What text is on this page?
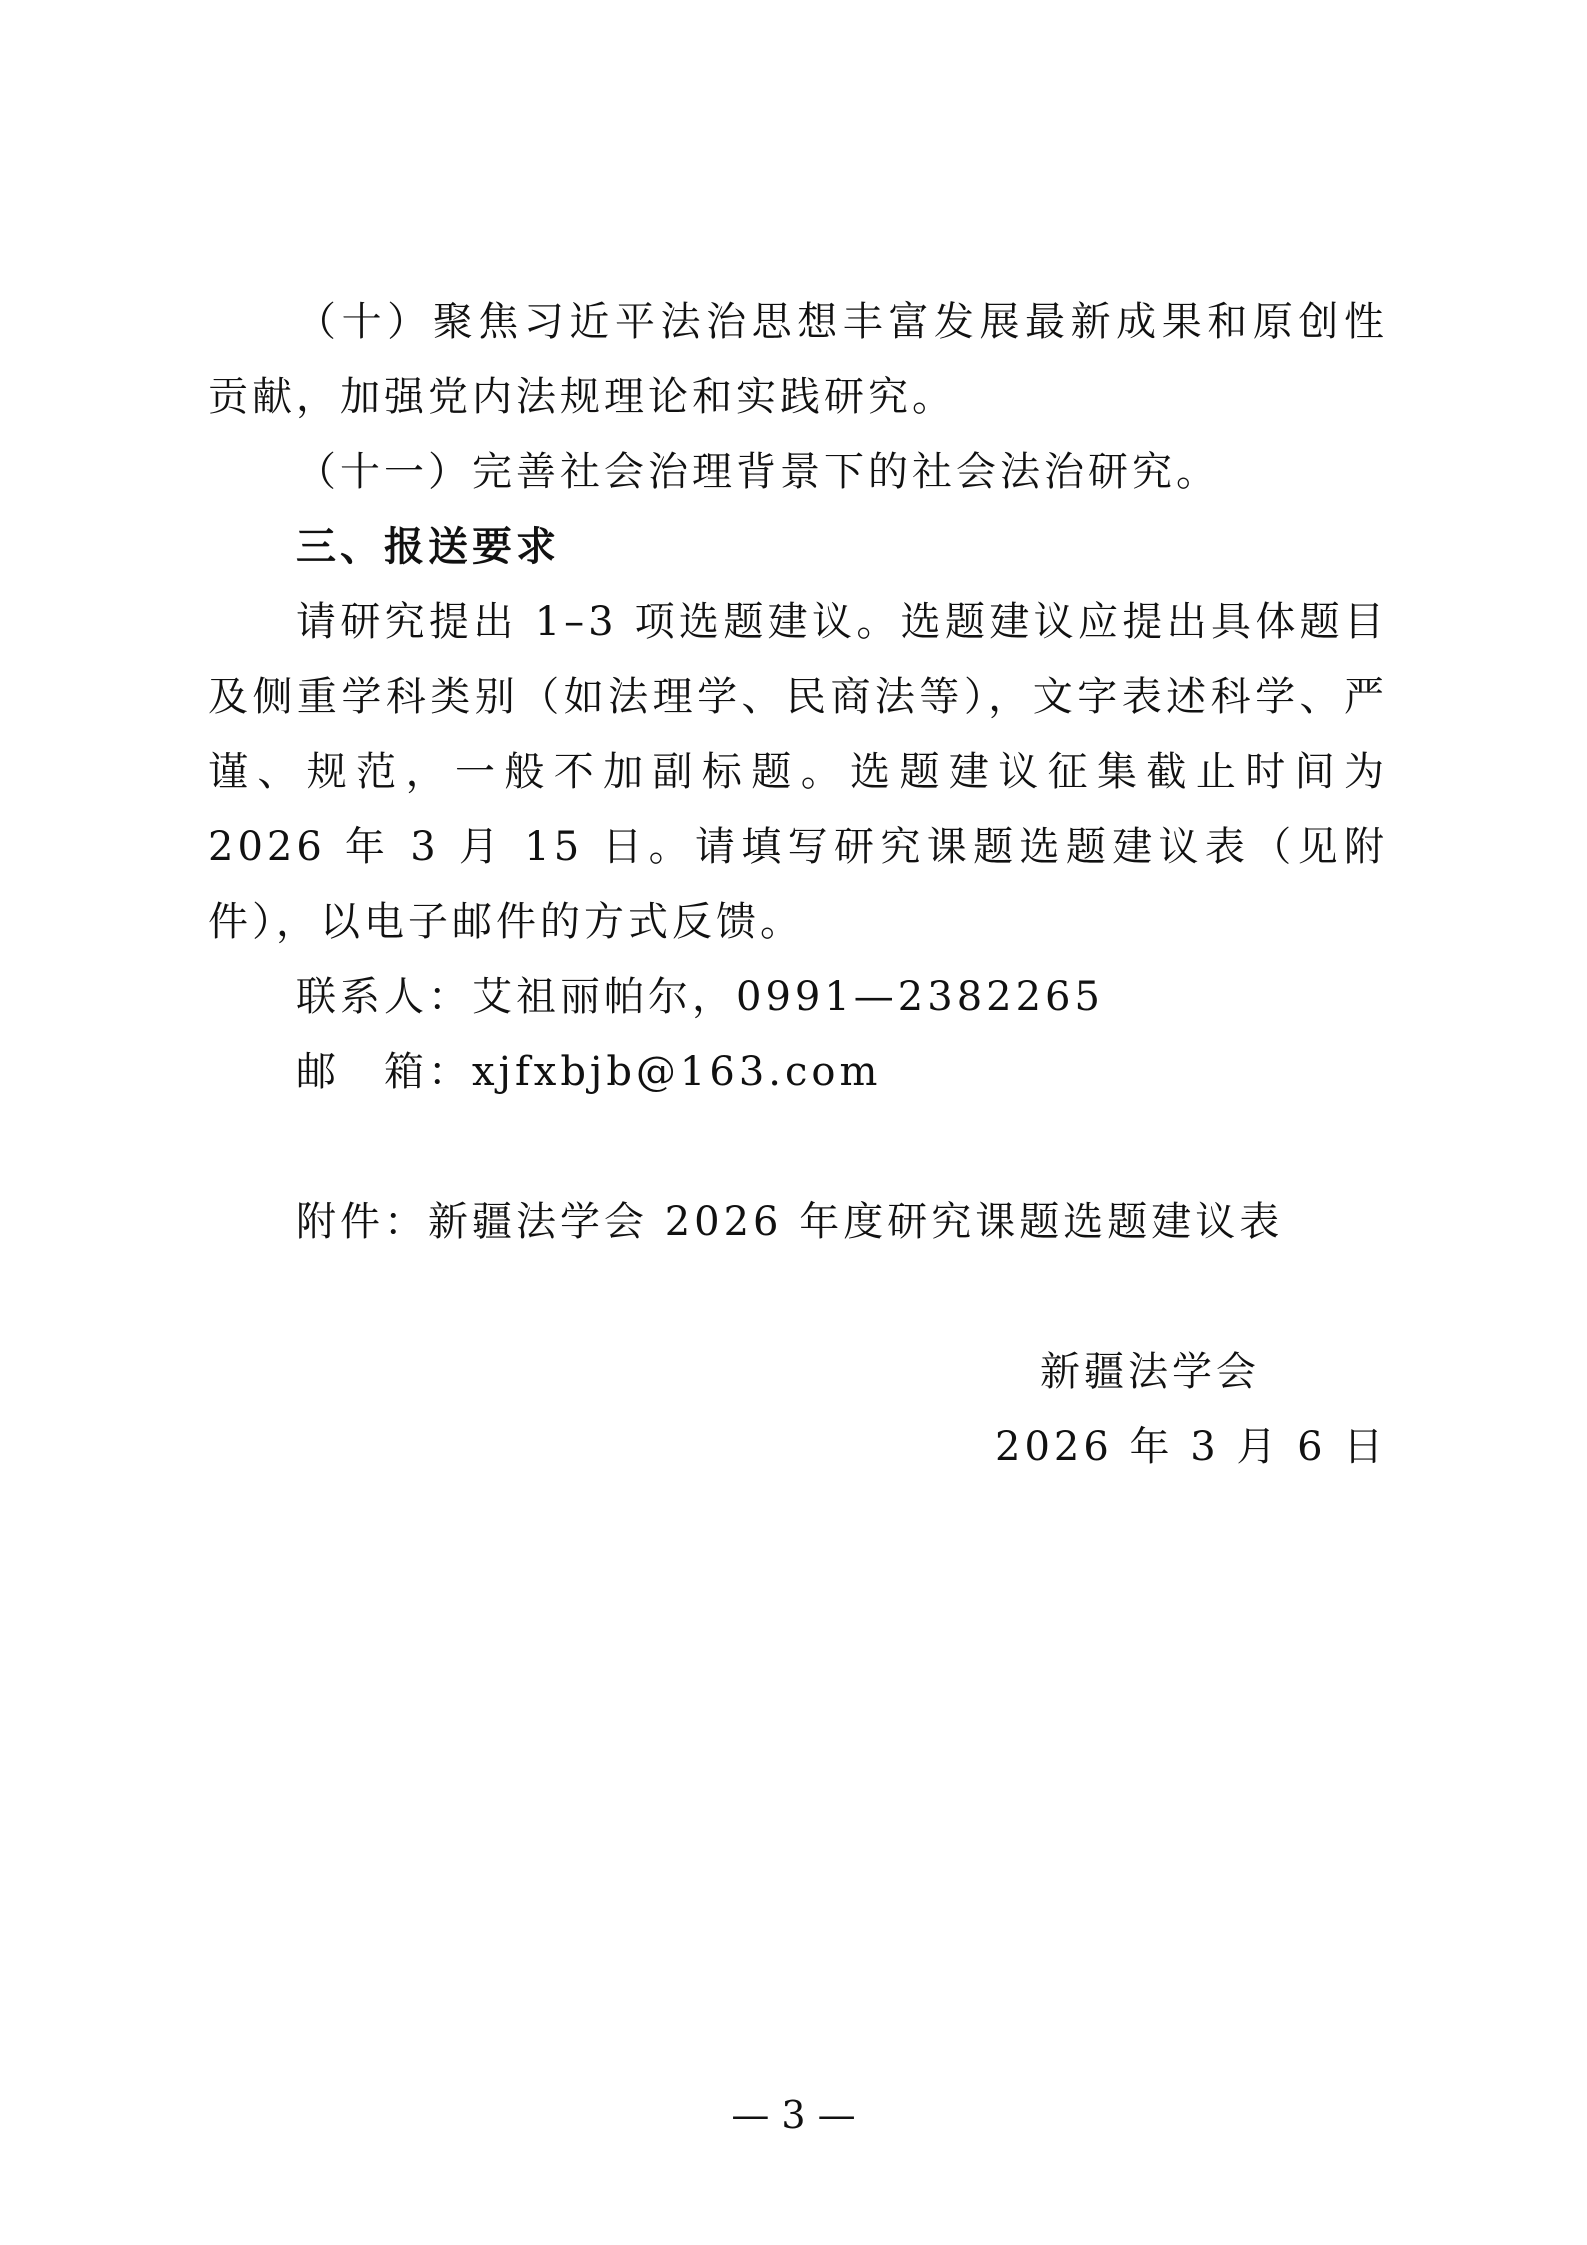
（十）聚焦习近平法治思想丰富发展最新成果和原创性贡献，加强党内法规理论和实践研究。

（十一）完善社会治理背景下的社会法治研究。

三、报送要求

请研究提出 1–3 项选题建议。选题建议应提出具体题目及侧重学科类别（如法理学、民商法等），文字表述科学、严谨、规范，一般不加副标题。选题建议征集截止时间为 2026 年 3 月 15 日。请填写研究课题选题建议表（见附件），以电子邮件的方式反馈。

联系人：艾祖丽帕尔，0991—2382265

邮　箱：xjfxbjb@163.com

附件：新疆法学会 2026 年度研究课题选题建议表

新疆法学会

2026 年 3 月 6 日

— 3 —
